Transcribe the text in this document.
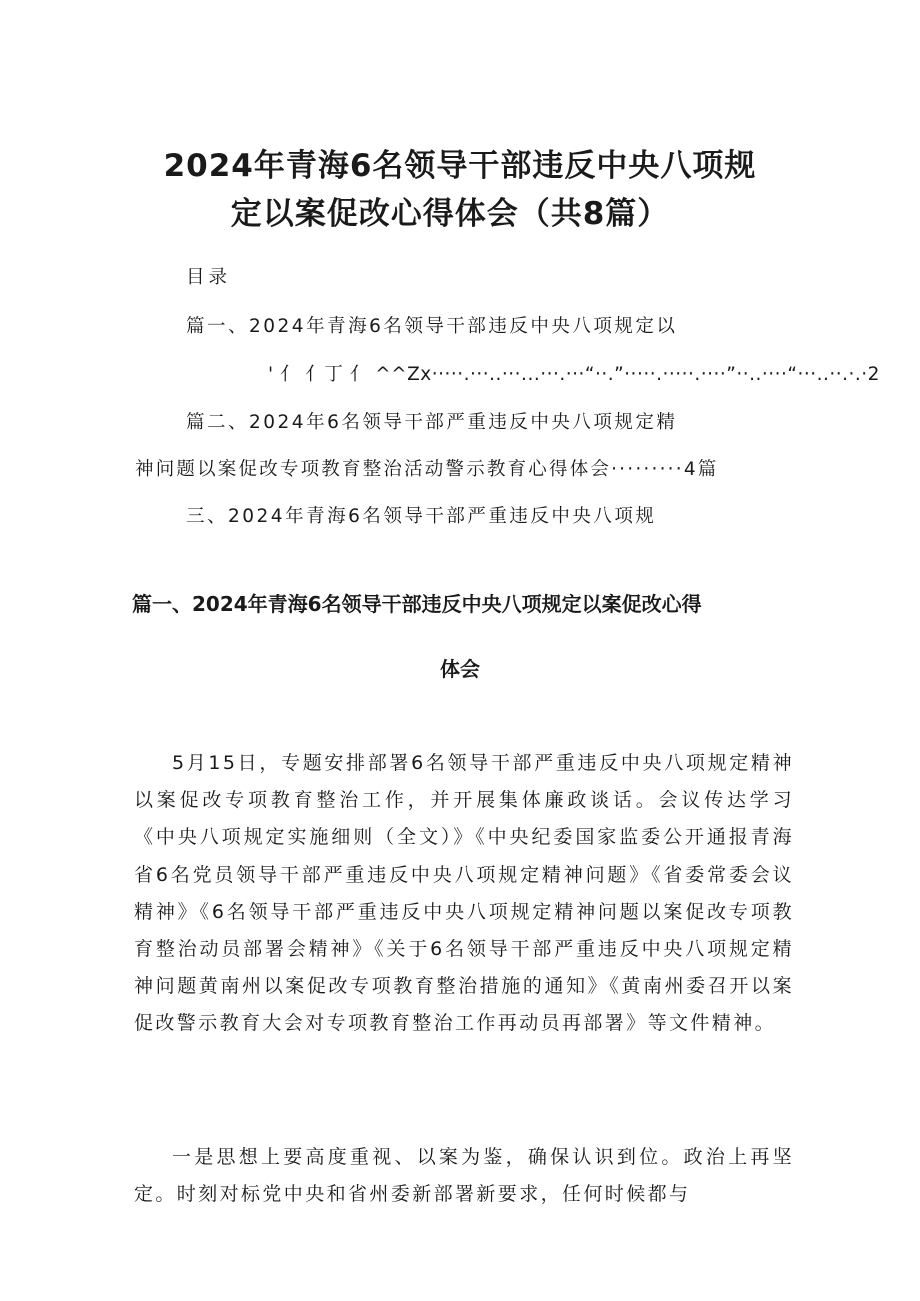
2024年青海6名领导干部违反中央八项规
定以案促改心得体会（共8篇）
目录
篇一、2024年青海6名领导干部违反中央八项规定以
' 亻 亻丁 亻 ^^Zx·····.···..···...···.···“··.”·····.·····.····”··..····“···..··.·.·2
篇二、2024年6名领导干部严重违反中央八项规定精
神问题以案促改专项教育整治活动警示教育心得体会·········4篇
三、2024年青海6名领导干部严重违反中央八项规
篇一、2024年青海6名领导干部违反中央八项规定以案促改心得
体会

5月15日，专题安排部署6名领导干部严重违反中央八项规定精神以案促改专项教育整治工作，并开展集体廉政谈话。会议传达学习《中央八项规定实施细则（全文）》《中央纪委国家监委公开通报青海省6名党员领导干部严重违反中央八项规定精神问题》《省委常委会议精神》《6名领导干部严重违反中央八项规定精神问题以案促改专项教育整治动员部署会精神》《关于6名领导干部严重违反中央八项规定精神问题黄南州以案促改专项教育整治措施的通知》《黄南州委召开以案促改警示教育大会对专项教育整治工作再动员再部署》等文件精神。

一是思想上要高度重视、以案为鉴，确保认识到位。政治上再坚定。时刻对标党中央和省州委新部署新要求，任何时候都与
